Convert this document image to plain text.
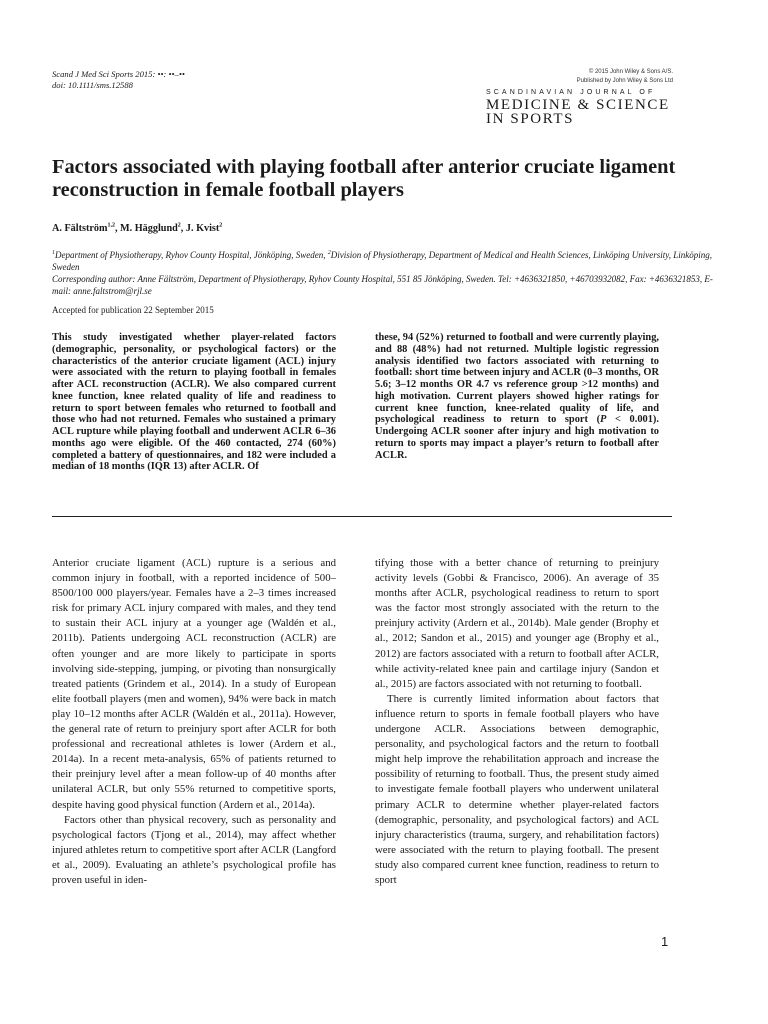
Scand J Med Sci Sports 2015: ••: ••–••
doi: 10.1111/sms.12588
© 2015 John Wiley & Sons A/S.
Published by John Wiley & Sons Ltd
SCANDINAVIAN JOURNAL OF
MEDICINE & SCIENCE
IN SPORTS
Factors associated with playing football after anterior cruciate ligament reconstruction in female football players
A. Fältström$^{1,2}$, M. Hägglund$^2$, J. Kvist$^2$
$^1$Department of Physiotherapy, Ryhov County Hospital, Jönköping, Sweden, $^2$Division of Physiotherapy, Department of Medical and Health Sciences, Linköping University, Linköping, Sweden
Corresponding author: Anne Fältström, Department of Physiotherapy, Ryhov County Hospital, 551 85 Jönköping, Sweden. Tel: +4636321850, +46703932082, Fax: +4636321853, E-mail: anne.faltstrom@rjl.se
Accepted for publication 22 September 2015
This study investigated whether player-related factors (demographic, personality, or psychological factors) or the characteristics of the anterior cruciate ligament (ACL) injury were associated with the return to playing football in females after ACL reconstruction (ACLR). We also compared current knee function, knee related quality of life and readiness to return to sport between females who returned to football and those who had not returned. Females who sustained a primary ACL rupture while playing football and underwent ACLR 6–36 months ago were eligible. Of the 460 contacted, 274 (60%) completed a battery of questionnaires, and 182 were included a median of 18 months (IQR 13) after ACLR. Of
these, 94 (52%) returned to football and were currently playing, and 88 (48%) had not returned. Multiple logistic regression analysis identified two factors associated with returning to football: short time between injury and ACLR (0–3 months, OR 5.6; 3–12 months OR 4.7 vs reference group >12 months) and high motivation. Current players showed higher ratings for current knee function, knee-related quality of life, and psychological readiness to return to sport (P < 0.001). Undergoing ACLR sooner after injury and high motivation to return to sports may impact a player’s return to football after ACLR.

Anterior cruciate ligament (ACL) rupture is a serious and common injury in football, with a reported incidence of 500–8500/100 000 players/year. Females have a 2–3 times increased risk for primary ACL injury compared with males, and they tend to sustain their ACL injury at a younger age (Waldén et al., 2011b). Patients undergoing ACL reconstruction (ACLR) are often younger and are more likely to participate in sports involving side-stepping, jumping, or pivoting than nonsurgically treated patients (Grindem et al., 2014). In a study of European elite football players (men and women), 94% were back in match play 10–12 months after ACLR (Waldén et al., 2011a). However, the general rate of return to preinjury sport after ACLR for both professional and recreational athletes is lower (Ardern et al., 2014a). In a recent meta-analysis, 65% of patients returned to their preinjury level after a mean follow-up of 40 months after unilateral ACLR, but only 55% returned to competitive sports, despite having good physical function (Ardern et al., 2014a).

Factors other than physical recovery, such as personality and psychological factors (Tjong et al., 2014), may affect whether injured athletes return to competitive sport after ACLR (Langford et al., 2009). Evaluating an athlete’s psychological profile has proven useful in iden-

tifying those with a better chance of returning to preinjury activity levels (Gobbi & Francisco, 2006). An average of 35 months after ACLR, psychological readiness to return to sport was the factor most strongly associated with the return to the preinjury activity (Ardern et al., 2014b). Male gender (Brophy et al., 2012; Sandon et al., 2015) and younger age (Brophy et al., 2012) are factors associated with a return to football after ACLR, while activity-related knee pain and cartilage injury (Sandon et al., 2015) are factors associated with not returning to football.

There is currently limited information about factors that influence return to sports in female football players who have undergone ACLR. Associations between demographic, personality, and psychological factors and the return to football might help improve the rehabilitation approach and increase the possibility of returning to football. Thus, the present study aimed to investigate female football players who underwent unilateral primary ACLR to determine whether player-related factors (demographic, personality, and psychological factors) and ACL injury characteristics (trauma, surgery, and rehabilitation factors) were associated with the return to playing football. The present study also compared current knee function, readiness to return to sport

1
